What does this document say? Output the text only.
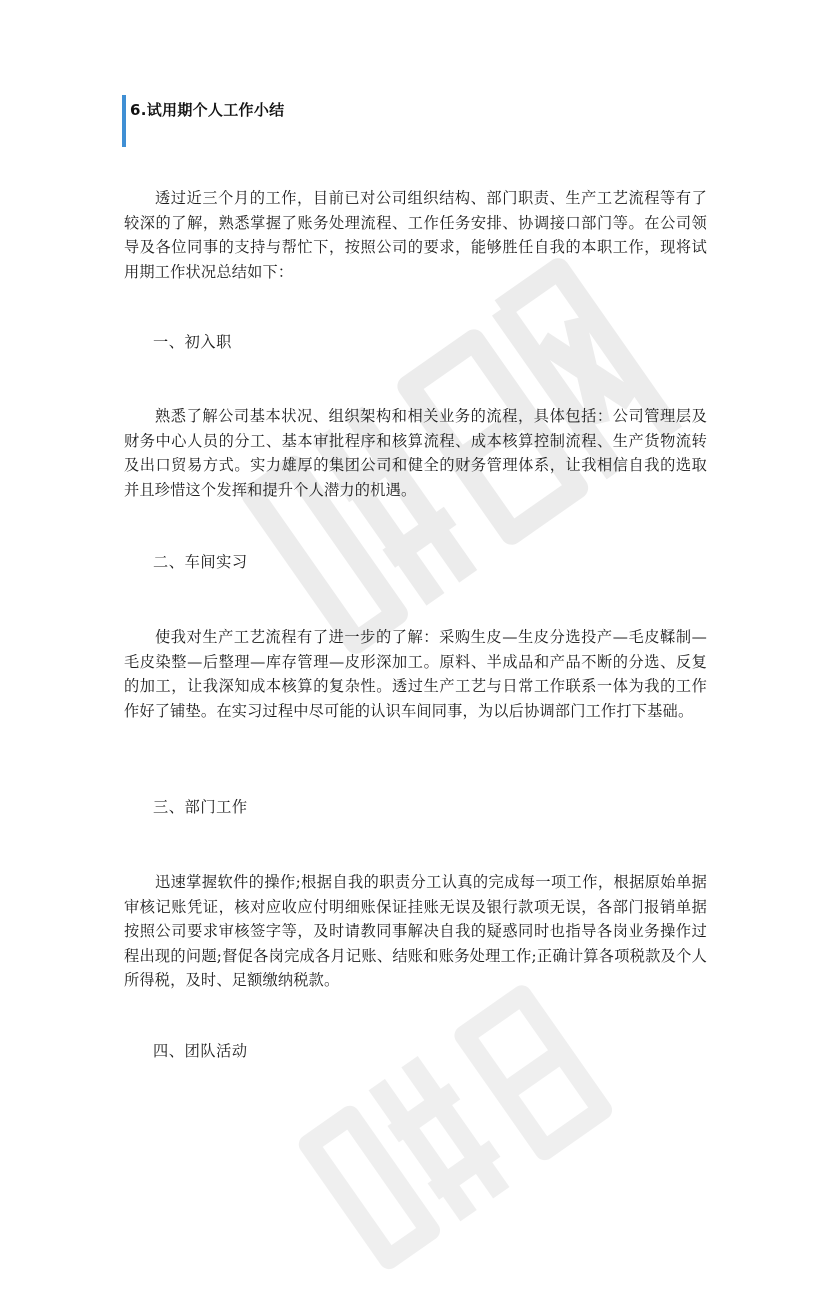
6.试用期个人工作小结

透过近三个月的工作，目前已对公司组织结构、部门职责、生产工艺流程等有了较深的了解，熟悉掌握了账务处理流程、工作任务安排、协调接口部门等。在公司领导及各位同事的支持与帮忙下，按照公司的要求，能够胜任自我的本职工作，现将试用期工作状况总结如下：

一、初入职

熟悉了解公司基本状况、组织架构和相关业务的流程，具体包括：公司管理层及财务中心人员的分工、基本审批程序和核算流程、成本核算控制流程、生产货物流转及出口贸易方式。实力雄厚的集团公司和健全的财务管理体系，让我相信自我的选取并且珍惜这个发挥和提升个人潜力的机遇。

二、车间实习

使我对生产工艺流程有了进一步的了解：采购生皮—生皮分选投产—毛皮鞣制—毛皮染整—后整理—库存管理—皮形深加工。原料、半成品和产品不断的分选、反复的加工，让我深知成本核算的复杂性。透过生产工艺与日常工作联系一体为我的工作作好了铺垫。在实习过程中尽可能的认识车间同事，为以后协调部门工作打下基础。

三、部门工作

迅速掌握软件的操作;根据自我的职责分工认真的完成每一项工作，根据原始单据审核记账凭证，核对应收应付明细账保证挂账无误及银行款项无误，各部门报销单据按照公司要求审核签字等，及时请教同事解决自我的疑惑同时也指导各岗业务操作过程出现的问题;督促各岗完成各月记账、结账和账务处理工作;正确计算各项税款及个人所得税，及时、足额缴纳税款。

四、团队活动
